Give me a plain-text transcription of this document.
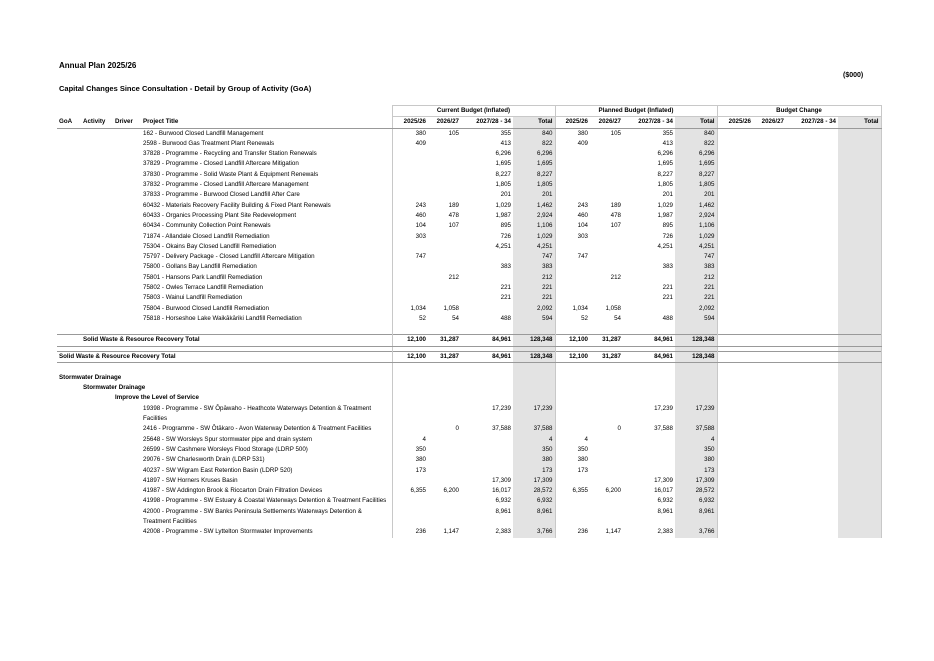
Annual Plan 2025/26
Capital Changes Since Consultation - Detail by Group of Activity (GoA)
($000)
				Current Budget (Inflated)				Planned Budget (Inflated)				Budget Change			
GoA	Activity	Driver	Project Title	2025/26	2026/27	2027/28 - 34	Total	2025/26	2026/27	2027/28 - 34	Total	2025/26	2026/27	2027/28 - 34	Total
			162 - Burwood Closed Landfill Management	380	105	355	840	380	105	355	840				
			2598 - Burwood Gas Treatment Plant Renewals	409		413	822	409		413	822				
			37828 - Programme - Recycling and Transfer Station Renewals			6,296	6,296			6,296	6,296				
			37829 - Programme - Closed Landfill Aftercare Mitigation			1,695	1,695			1,695	1,695				
			37830 - Programme - Solid Waste Plant & Equipment Renewals			8,227	8,227			8,227	8,227				
			37832 - Programme - Closed Landfill Aftercare Management			1,805	1,805			1,805	1,805				
			37833 - Programme - Burwood Closed Landfill After Care			201	201			201	201				
			60432 - Materials Recovery Facility Building & Fixed Plant Renewals	243	189	1,029	1,462	243	189	1,029	1,462				
			60433 - Organics Processing Plant Site Redevelopment	460	478	1,987	2,924	460	478	1,987	2,924				
			60434 - Community Collection Point Renewals	104	107	895	1,106	104	107	895	1,106				
			71874 - Allandale Closed Landfill Remediation	303		726	1,029	303		726	1,029				
			75304 - Okains Bay Closed Landfill Remediation			4,251	4,251			4,251	4,251				
			75797 - Delivery Package - Closed Landfill Aftercare Mitigation	747			747	747			747				
			75800 - Gollans Bay Landfill Remediation			383	383			383	383				
			75801 - Hansons Park Landfill Remediation		212		212		212		212				
			75802 - Owles Terrace Landfill Remediation			221	221			221	221				
			75803 - Wainui Landfill Remediation			221	221			221	221				
			75804 - Burwood Closed Landfill Remediation	1,034	1,058		2,092	1,034	1,058		2,092				
			75818 - Horseshoe Lake Waikākāriki Landfill Remediation	52	54	488	594	52	54	488	594				

	Solid Waste & Resource Recovery Total			12,100	31,287	84,961	128,348	12,100	31,287	84,961	128,348				

Solid Waste & Resource Recovery Total				12,100	31,287	84,961	128,348	12,100	31,287	84,961	128,348				

Stormwater Drainage															
	Stormwater Drainage														
		Improve the Level of Service													
			19398 - Programme - SW Ōpāwaho - Heathcote Waterways Detention & Treatment Facilities			17,239	17,239			17,239	17,239				
			2416 - Programme - SW Ōtākaro - Avon Waterway Detention & Treatment Facilities		0	37,588	37,588		0	37,588	37,588				
			25648 - SW Worsleys Spur stormwater pipe and drain system	4			4	4			4				
			26599 - SW Cashmere Worsleys Flood Storage (LDRP 500)	350			350	350			350				
			29076 - SW Charlesworth Drain (LDRP 531)	380			380	380			380				
			40237 - SW Wigram East Retention Basin (LDRP 520)	173			173	173			173				
			41897 - SW Horners Kruses Basin			17,309	17,309			17,309	17,309				
			41987 - SW Addington Brook & Riccarton Drain Filtration Devices	6,355	6,200	16,017	28,572	6,355	6,200	16,017	28,572				
			41998 - Programme - SW Estuary & Coastal Waterways Detention & Treatment Facilities			6,932	6,932			6,932	6,932				
			42000 - Programme - SW Banks Peninsula Settlements Waterways Detention & Treatment Facilities			8,961	8,961			8,961	8,961				
			42008 - Programme - SW Lyttelton Stormwater Improvements	236	1,147	2,383	3,766	236	1,147	2,383	3,766				
